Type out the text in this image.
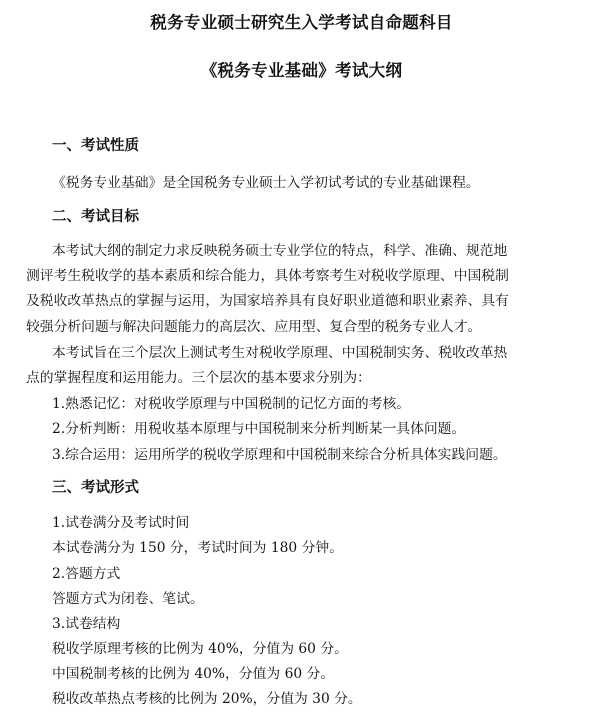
税务专业硕士研究生入学考试自命题科目
《税务专业基础》考试大纲
一、考试性质
《税务专业基础》是全国税务专业硕士入学初试考试的专业基础课程。
二、考试目标
本考试大纲的制定力求反映税务硕士专业学位的特点，科学、准确、规范地
测评考生税收学的基本素质和综合能力，具体考察考生对税收学原理、中国税制
及税收改革热点的掌握与运用，为国家培养具有良好职业道德和职业素养、具有
较强分析问题与解决问题能力的高层次、应用型、复合型的税务专业人才。
本考试旨在三个层次上测试考生对税收学原理、中国税制实务、税收改革热
点的掌握程度和运用能力。三个层次的基本要求分别为：
1.熟悉记忆：对税收学原理与中国税制的记忆方面的考核。
2.分析判断：用税收基本原理与中国税制来分析判断某一具体问题。
3.综合运用：运用所学的税收学原理和中国税制来综合分析具体实践问题。
三、考试形式
1.试卷满分及考试时间
本试卷满分为 150 分，考试时间为 180 分钟。
2.答题方式
答题方式为闭卷、笔试。
3.试卷结构
税收学原理考核的比例为 40%，分值为 60 分。
中国税制考核的比例为 40%，分值为 60 分。
税收改革热点考核的比例为 20%，分值为 30 分。
